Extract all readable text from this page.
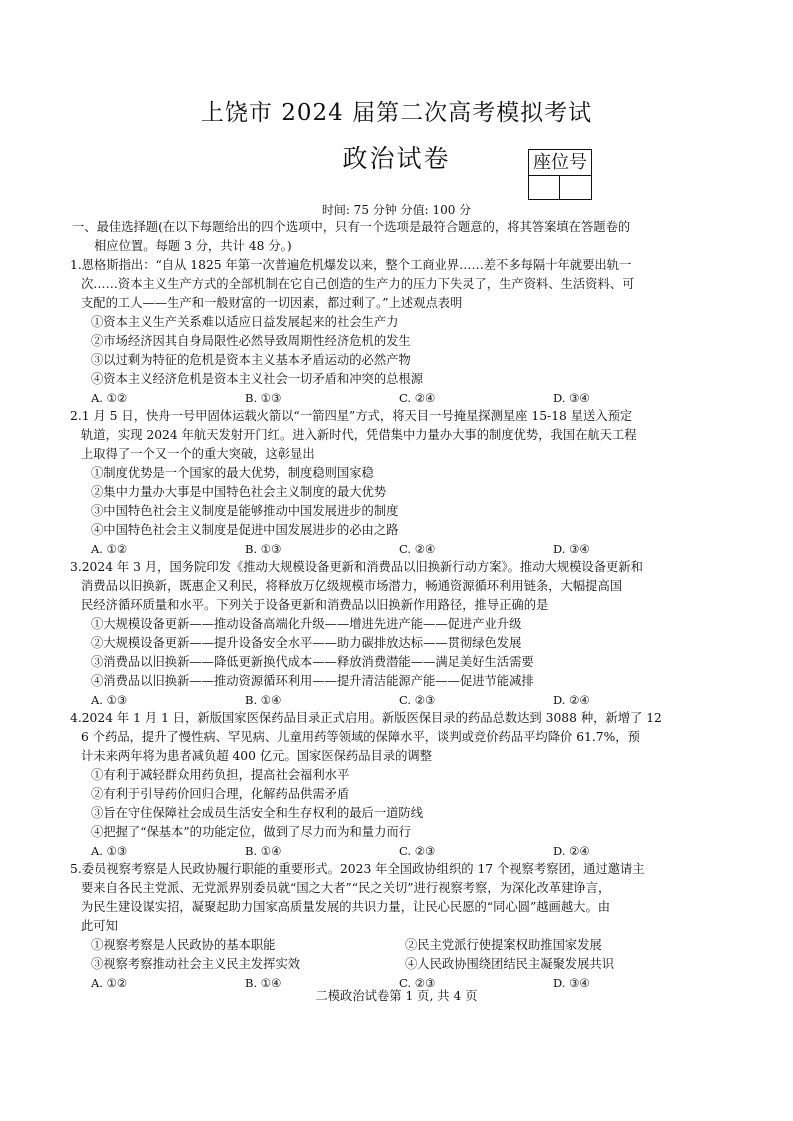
上饶市 2024 届第二次高考模拟考试
政治试卷	座位号
时间: 75 分钟 分值: 100 分
一、最佳选择题(在以下每题给出的四个选项中，只有一个选项是最符合题意的，将其答案填在答题卷的
相应位置。每题 3 分，共计 48 分。)
1.恩格斯指出：“自从 1825 年第一次普遍危机爆发以来，整个工商业界……差不多每隔十年就要出轨一
次……资本主义生产方式的全部机制在它自己创造的生产力的压力下失灵了，生产资料、生活资料、可
支配的工人——生产和一般财富的一切因素，都过剩了。”上述观点表明
①资本主义生产关系难以适应日益发展起来的社会生产力
②市场经济因其自身局限性必然导致周期性经济危机的发生
③以过剩为特征的危机是资本主义基本矛盾运动的必然产物
④资本主义经济危机是资本主义社会一切矛盾和冲突的总根源
A. ①②	B. ①③	C. ②④	D. ③④
2.1 月 5 日，快舟一号甲固体运载火箭以“一箭四星”方式，将天目一号掩星探测星座 15-18 星送入预定
轨道，实现 2024 年航天发射开门红。进入新时代，凭借集中力量办大事的制度优势，我国在航天工程
上取得了一个又一个的重大突破，这彰显出
①制度优势是一个国家的最大优势，制度稳则国家稳
②集中力量办大事是中国特色社会主义制度的最大优势
③中国特色社会主义制度是能够推动中国发展进步的制度
④中国特色社会主义制度是促进中国发展进步的必由之路
A. ①②	B. ①③	C. ②④	D. ③④
3.2024 年 3 月，国务院印发《推动大规模设备更新和消费品以旧换新行动方案》。推动大规模设备更新和
消费品以旧换新，既惠企又利民，将释放万亿级规模市场潜力，畅通资源循环利用链条，大幅提高国
民经济循环质量和水平。下列关于设备更新和消费品以旧换新作用路径，推导正确的是
①大规模设备更新——推动设备高端化升级——增进先进产能——促进产业升级
②大规模设备更新——提升设备安全水平——助力碳排放达标——贯彻绿色发展
③消费品以旧换新——降低更新换代成本——释放消费潜能——满足美好生活需要
④消费品以旧换新——推动资源循环利用——提升清洁能源产能——促进节能减排
A. ①③	B. ①④	C. ②③	D. ②④
4.2024 年 1 月 1 日，新版国家医保药品目录正式启用。新版医保目录的药品总数达到 3088 种，新增了 12
6 个药品，提升了慢性病、罕见病、儿童用药等领域的保障水平，谈判或竞价药品平均降价 61.7%，预
计未来两年将为患者减负超 400 亿元。国家医保药品目录的调整
①有利于减轻群众用药负担，提高社会福利水平
②有利于引导药价回归合理，化解药品供需矛盾
③旨在守住保障社会成员生活安全和生存权利的最后一道防线
④把握了“保基本”的功能定位，做到了尽力而为和量力而行
A. ①③	B. ①④	C. ②③	D. ②④
5.委员视察考察是人民政协履行职能的重要形式。2023 年全国政协组织的 17 个视察考察团，通过邀请主
要来自各民主党派、无党派界别委员就“国之大者”“民之关切”进行视察考察，为深化改革建诤言，
为民生建设谋实招，凝聚起助力国家高质量发展的共识力量，让民心民愿的“同心圆”越画越大。由
此可知
①视察考察是人民政协的基本职能	②民主党派行使提案权助推国家发展
③视察考察推动社会主义民主发挥实效	④人民政协围绕团结民主凝聚发展共识
A. ①②	B. ①④	C. ②③	D. ③④
二模政治试卷第 1 页, 共 4 页
